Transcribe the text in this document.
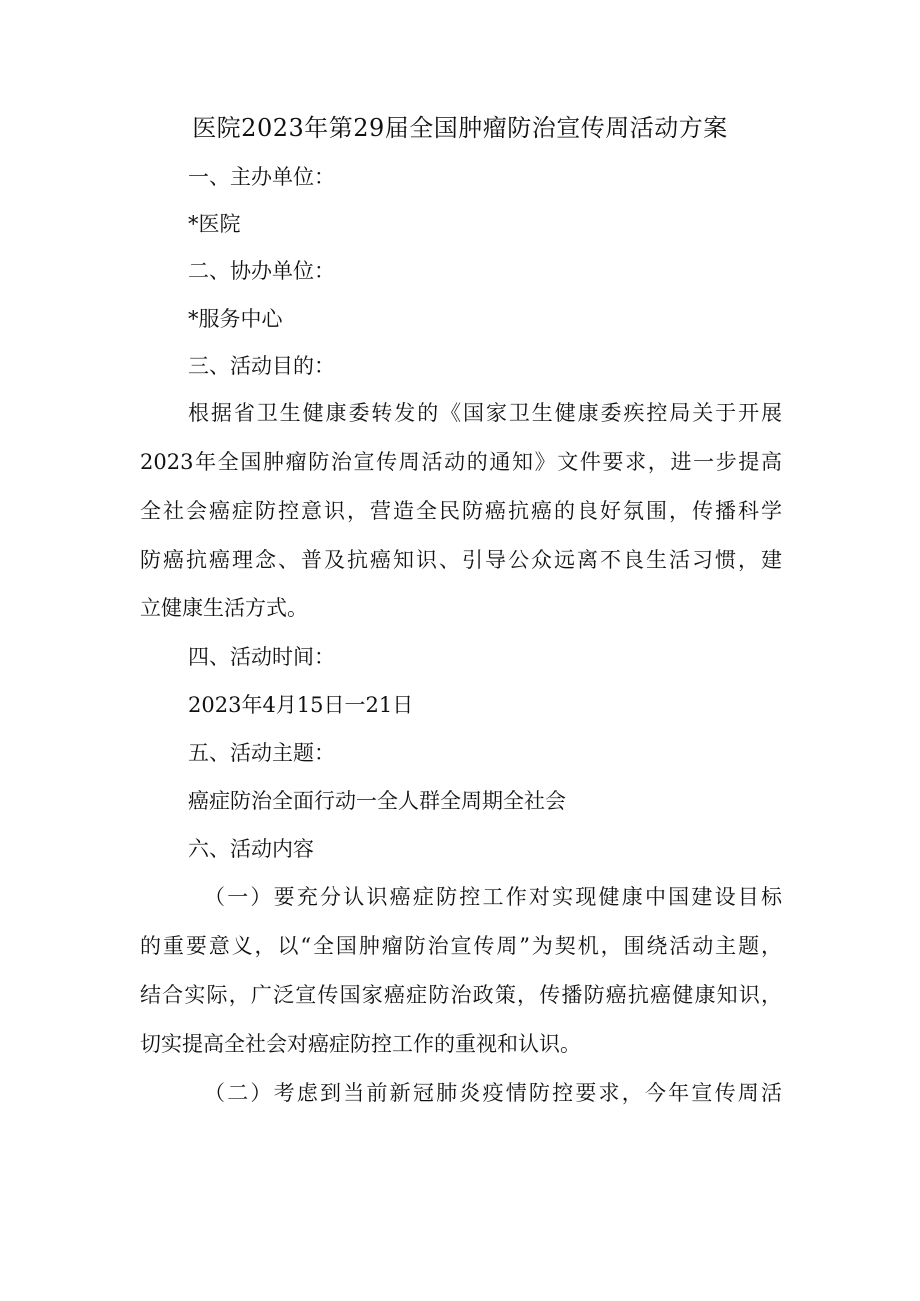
医院2023年第29届全国肿瘤防治宣传周活动方案
一、主办单位：
*医院
二、协办单位：
*服务中心
三、活动目的：
根据省卫生健康委转发的《国家卫生健康委疾控局关于开展
2023年全国肿瘤防治宣传周活动的通知》文件要求，进一步提高
全社会癌症防控意识，营造全民防癌抗癌的良好氛围，传播科学
防癌抗癌理念、普及抗癌知识、引导公众远离不良生活习惯，建
立健康生活方式。
四、活动时间：
2023年4月15日一21日
五、活动主题：
癌症防治全面行动一全人群全周期全社会
六、活动内容
（一）要充分认识癌症防控工作对实现健康中国建设目标
的重要意义，以“全国肿瘤防治宣传周”为契机，围绕活动主题，
结合实际，广泛宣传国家癌症防治政策，传播防癌抗癌健康知识，
切实提高全社会对癌症防控工作的重视和认识。
（二）考虑到当前新冠肺炎疫情防控要求，今年宣传周活
